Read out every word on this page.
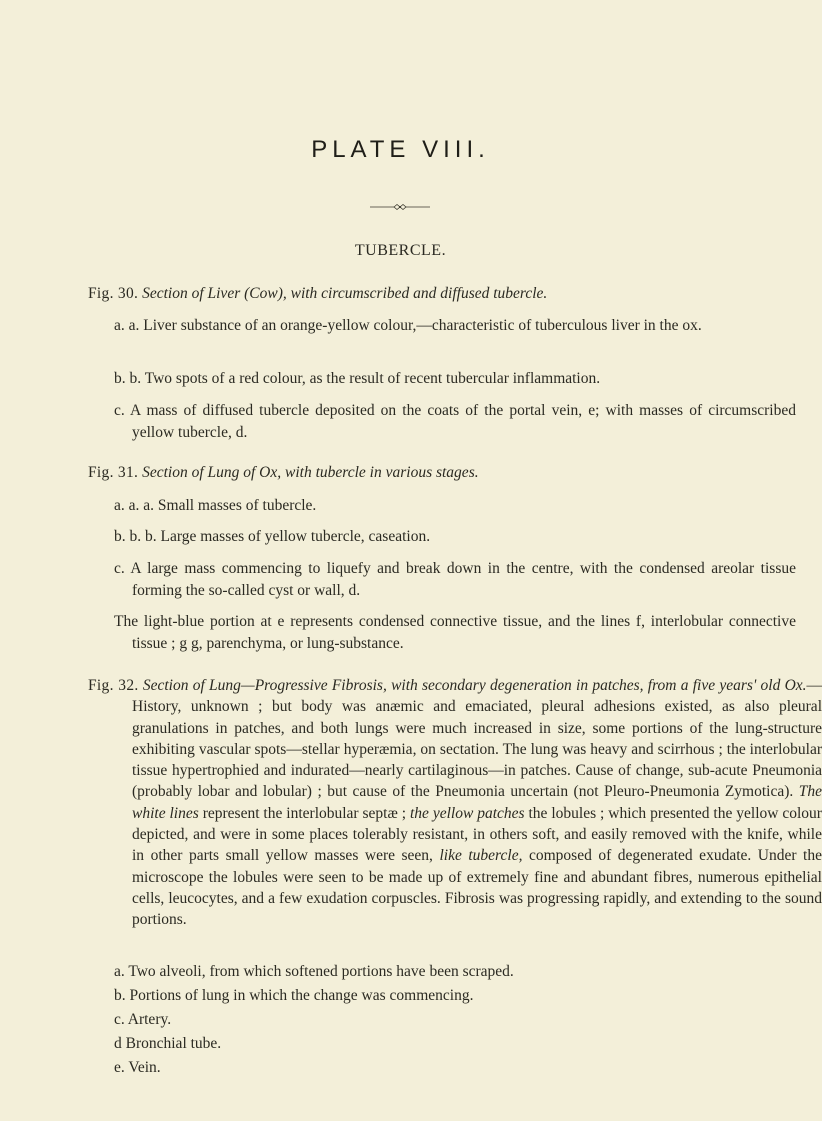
PLATE VIII.
TUBERCLE.
Fig. 30. Section of Liver (Cow), with circumscribed and diffused tubercle.
a. a. Liver substance of an orange-yellow colour,—characteristic of tuberculous liver in the ox.
b. b. Two spots of a red colour, as the result of recent tubercular inflammation.
c. A mass of diffused tubercle deposited on the coats of the portal vein, e; with masses of circumscribed yellow tubercle, d.
Fig. 31. Section of Lung of Ox, with tubercle in various stages.
a. a. a. Small masses of tubercle.
b. b. b. Large masses of yellow tubercle, caseation.
c. A large mass commencing to liquefy and break down in the centre, with the condensed areolar tissue forming the so-called cyst or wall, d.
The light-blue portion at e represents condensed connective tissue, and the lines f, interlobular connective tissue ; g g, parenchyma, or lung-substance.
Fig. 32. Section of Lung—Progressive Fibrosis, with secondary degeneration in patches, from a five years' old Ox.—History, unknown ; but body was anæmic and emaciated, pleural adhesions existed, as also pleural granulations in patches, and both lungs were much increased in size, some portions of the lung-structure exhibiting vascular spots—stellar hyperæmia, on sectation. The lung was heavy and scirrhous ; the interlobular tissue hypertrophied and indurated—nearly cartilaginous—in patches. Cause of change, sub-acute Pneumonia (probably lobar and lobular) ; but cause of the Pneumonia uncertain (not Pleuro-Pneumonia Zymotica). The white lines represent the interlobular septæ ; the yellow patches the lobules ; which presented the yellow colour depicted, and were in some places tolerably resistant, in others soft, and easily removed with the knife, while in other parts small yellow masses were seen, like tubercle, composed of degenerated exudate. Under the microscope the lobules were seen to be made up of extremely fine and abundant fibres, numerous epithelial cells, leucocytes, and a few exudation corpuscles. Fibrosis was progressing rapidly, and extending to the sound portions.
a. Two alveoli, from which softened portions have been scraped.
b. Portions of lung in which the change was commencing.
c. Artery.
d Bronchial tube.
e. Vein.
